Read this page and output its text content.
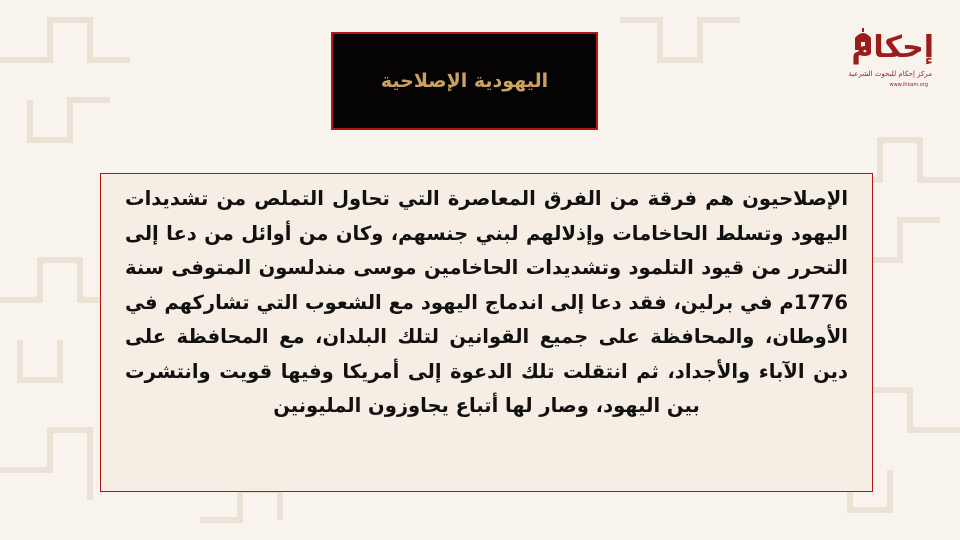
اليهودية الإصلاحية

الإصلاحيون هم فرقة من الفرق المعاصرة التي تحاول التملص من تشديدات اليهود وتسلط الحاخامات وإذلالهم لبني جنسهم، وكان من أوائل من دعا إلى التحرر من قيود التلمود وتشديدات الحاخامين موسى مندلسون المتوفى سنة 1776م في برلين، فقد دعا إلى اندماج اليهود مع الشعوب التي تشاركهم في الأوطان، والمحافظة على جميع القوانين لتلك البلدان، مع المحافظة على دين الآباء والأجداد، ثم انتقلت تلك الدعوة إلى أمريكا وفيها قويت وانتشرت بين اليهود، وصار لها أتباع يجاوزون المليونين

إحكام
مركز إحكام للبحوث الشرعية
www.ihkam.org
